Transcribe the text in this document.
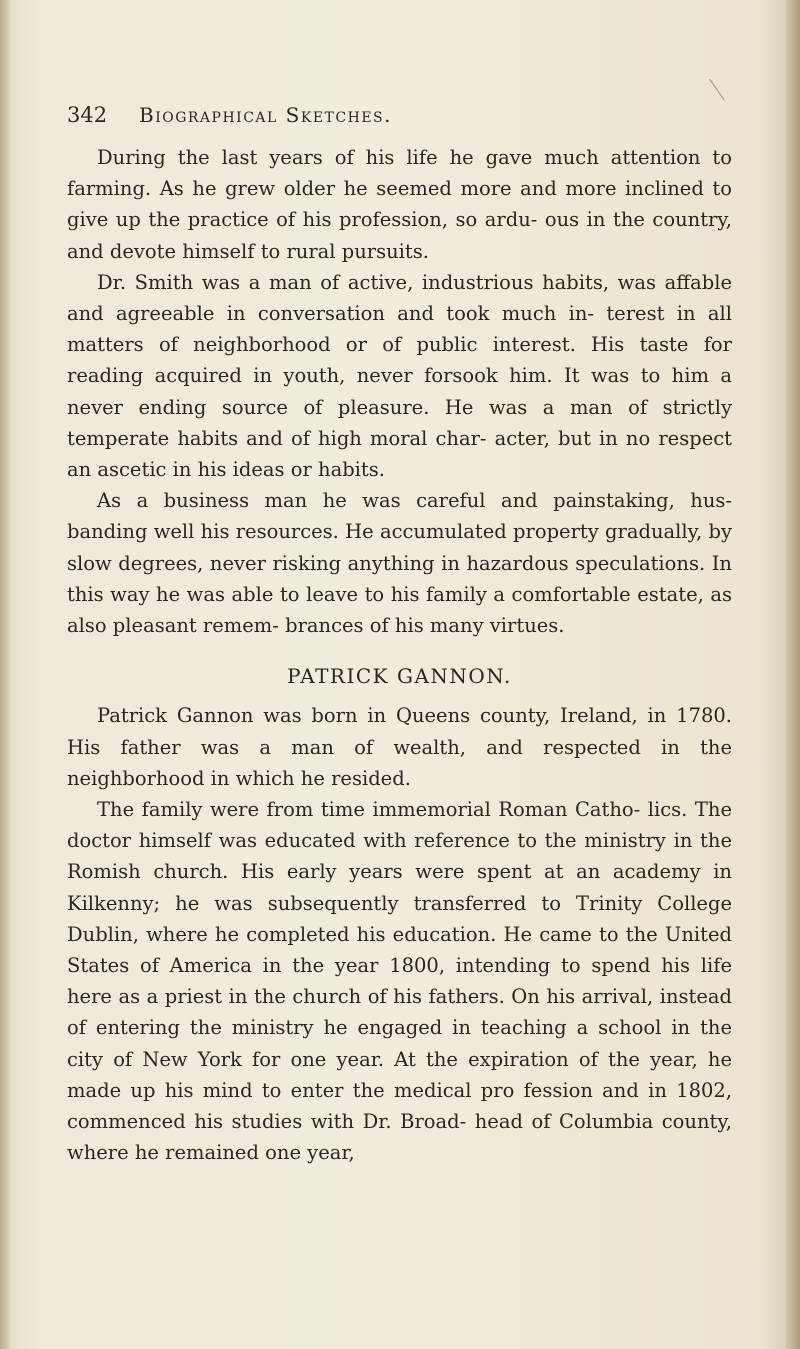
342 Biographical Sketches.

During the last years of his life he gave much attention to farming. As he grew older he seemed more and more inclined to give up the practice of his profession, so ardu- ous in the country, and devote himself to rural pursuits.

Dr. Smith was a man of active, industrious habits, was affable and agreeable in conversation and took much in- terest in all matters of neighborhood or of public interest. His taste for reading acquired in youth, never forsook him. It was to him a never ending source of pleasure. He was a man of strictly temperate habits and of high moral char- acter, but in no respect an ascetic in his ideas or habits.

As a business man he was careful and painstaking, hus- banding well his resources. He accumulated property gradually, by slow degrees, never risking anything in hazardous speculations. In this way he was able to leave to his family a comfortable estate, as also pleasant remem- brances of his many virtues.

PATRICK GANNON.

Patrick Gannon was born in Queens county, Ireland, in 1780. His father was a man of wealth, and respected in the neighborhood in which he resided.

The family were from time immemorial Roman Catho- lics. The doctor himself was educated with reference to the ministry in the Romish church. His early years were spent at an academy in Kilkenny; he was subsequently transferred to Trinity College Dublin, where he completed his education. He came to the United States of America in the year 1800, intending to spend his life here as a priest in the church of his fathers. On his arrival, instead of entering the ministry he engaged in teaching a school in the city of New York for one year. At the expiration of the year, he made up his mind to enter the medical pro fession and in 1802, commenced his studies with Dr. Broad- head of Columbia county, where he remained one year,
